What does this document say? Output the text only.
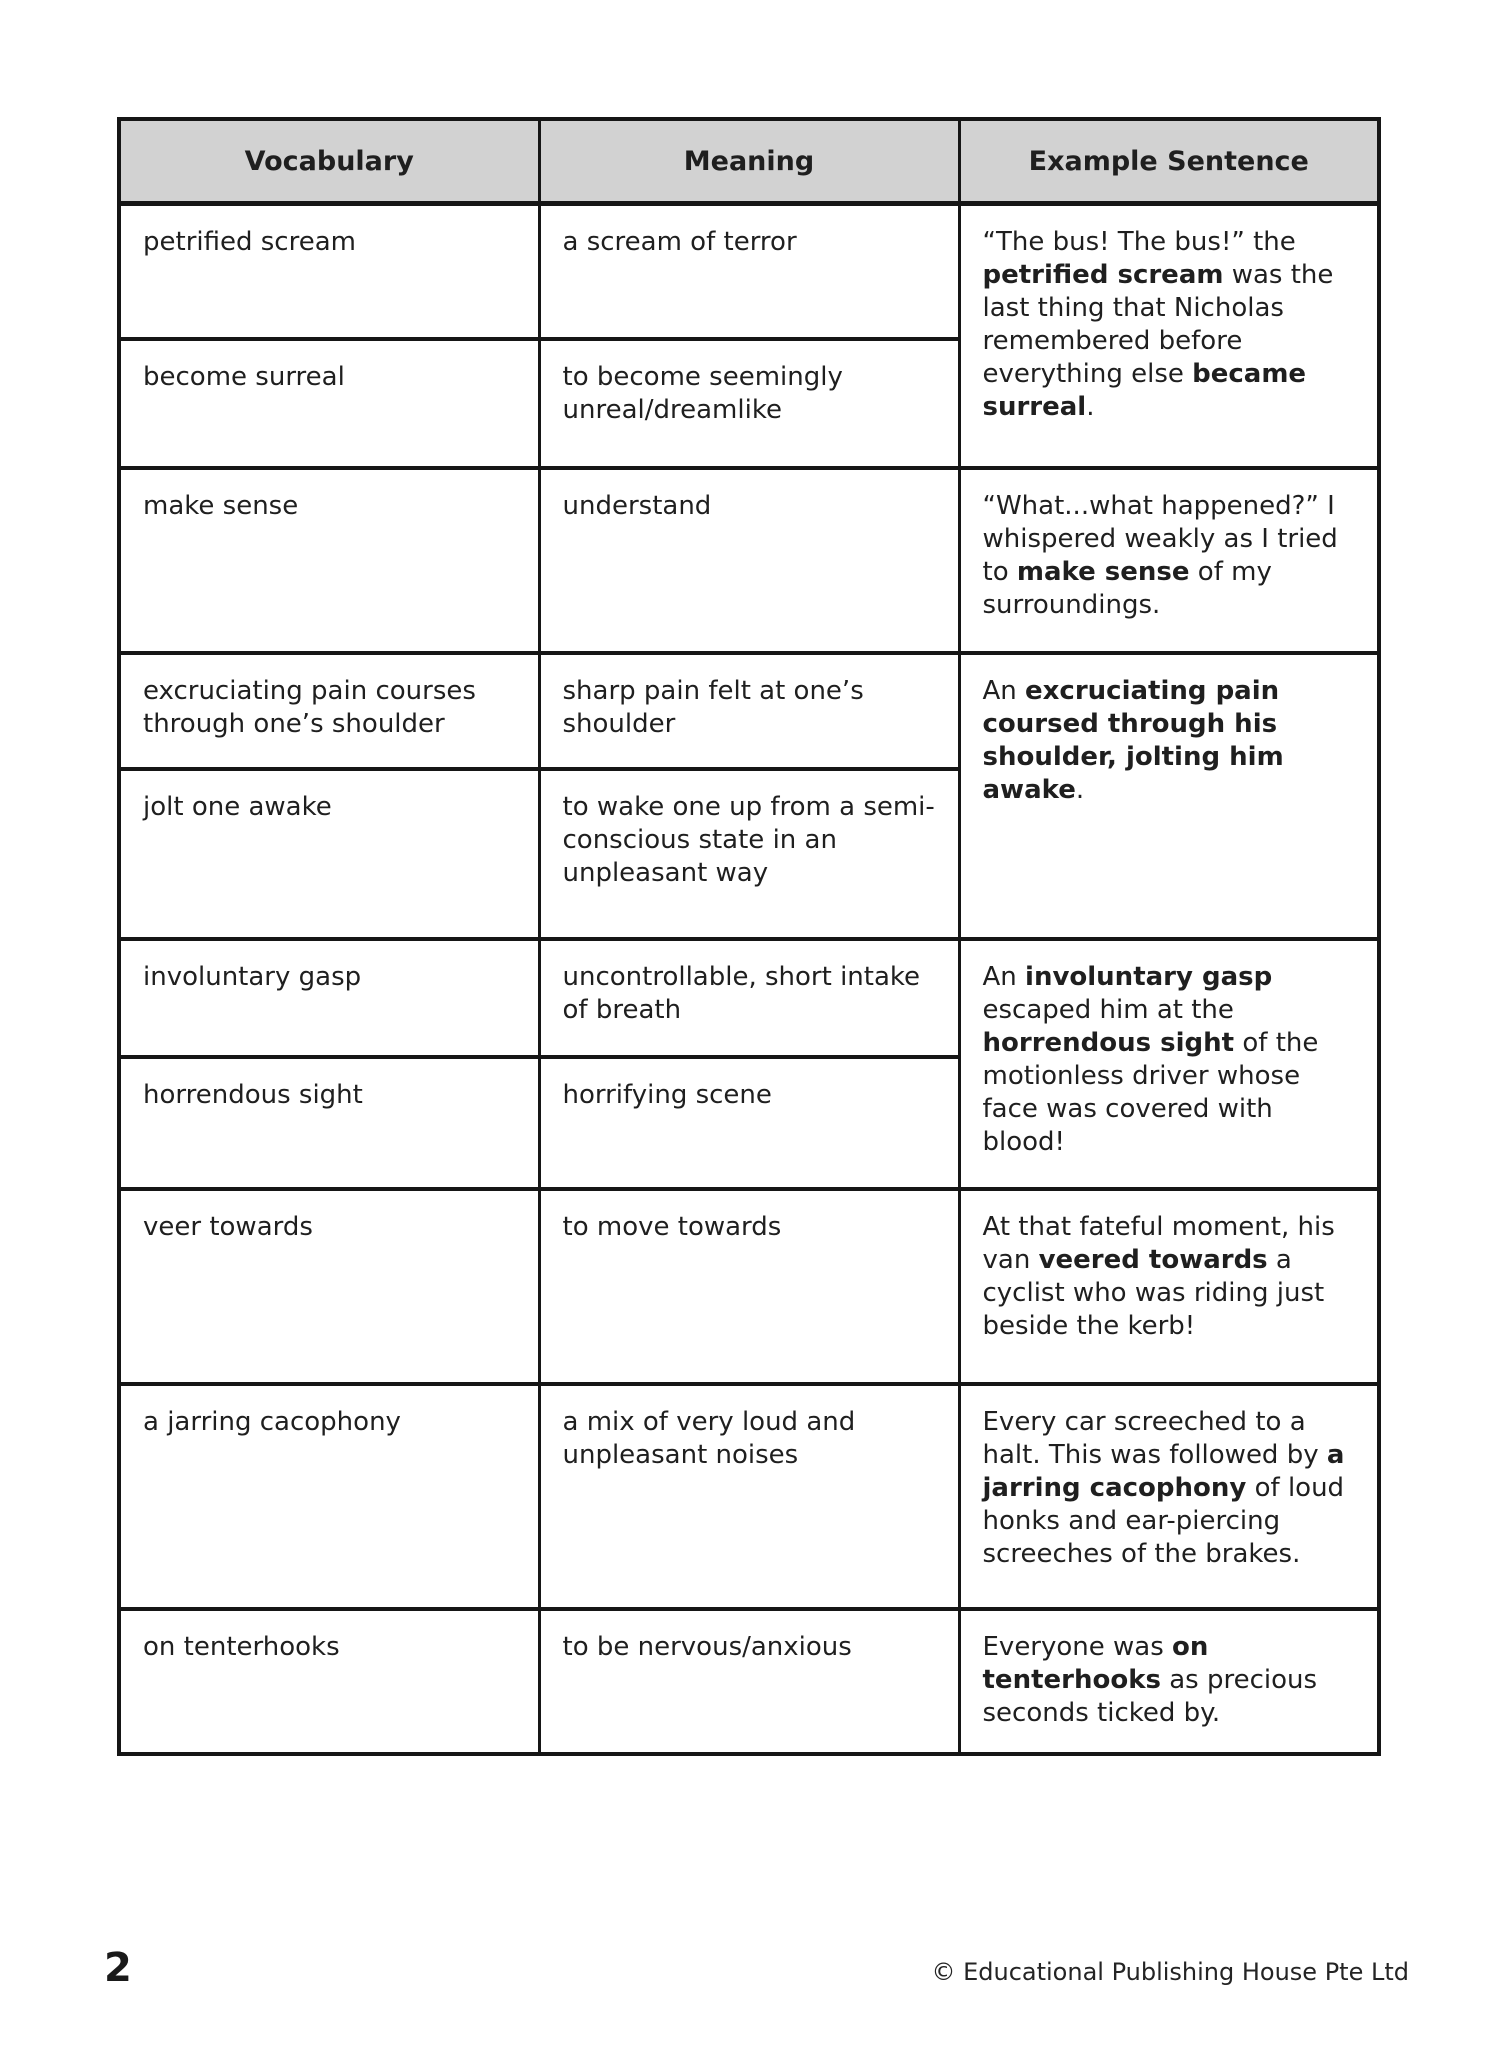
Vocabulary	Meaning	Example Sentence
petrified scream	a scream of terror	“The bus! The bus!” the petrified scream was the last thing that Nicholas remembered before everything else became surreal.
become surreal	to become seemingly unreal/dreamlike	
make sense	understand	“What...what happened?” I whispered weakly as I tried to make sense of my surroundings.
excruciating pain courses through one’s shoulder	sharp pain felt at one’s shoulder	An excruciating pain coursed through his shoulder, jolting him awake.
jolt one awake	to wake one up from a semi-conscious state in an unpleasant way	
involuntary gasp	uncontrollable, short intake of breath	An involuntary gasp escaped him at the horrendous sight of the motionless driver whose face was covered with blood!
horrendous sight	horrifying scene	
veer towards	to move towards	At that fateful moment, his van veered towards a cyclist who was riding just beside the kerb!
a jarring cacophony	a mix of very loud and unpleasant noises	Every car screeched to a halt. This was followed by a jarring cacophony of loud honks and ear-piercing screeches of the brakes.
on tenterhooks	to be nervous/anxious	Everyone was on tenterhooks as precious seconds ticked by.
2	© Educational Publishing House Pte Ltd
